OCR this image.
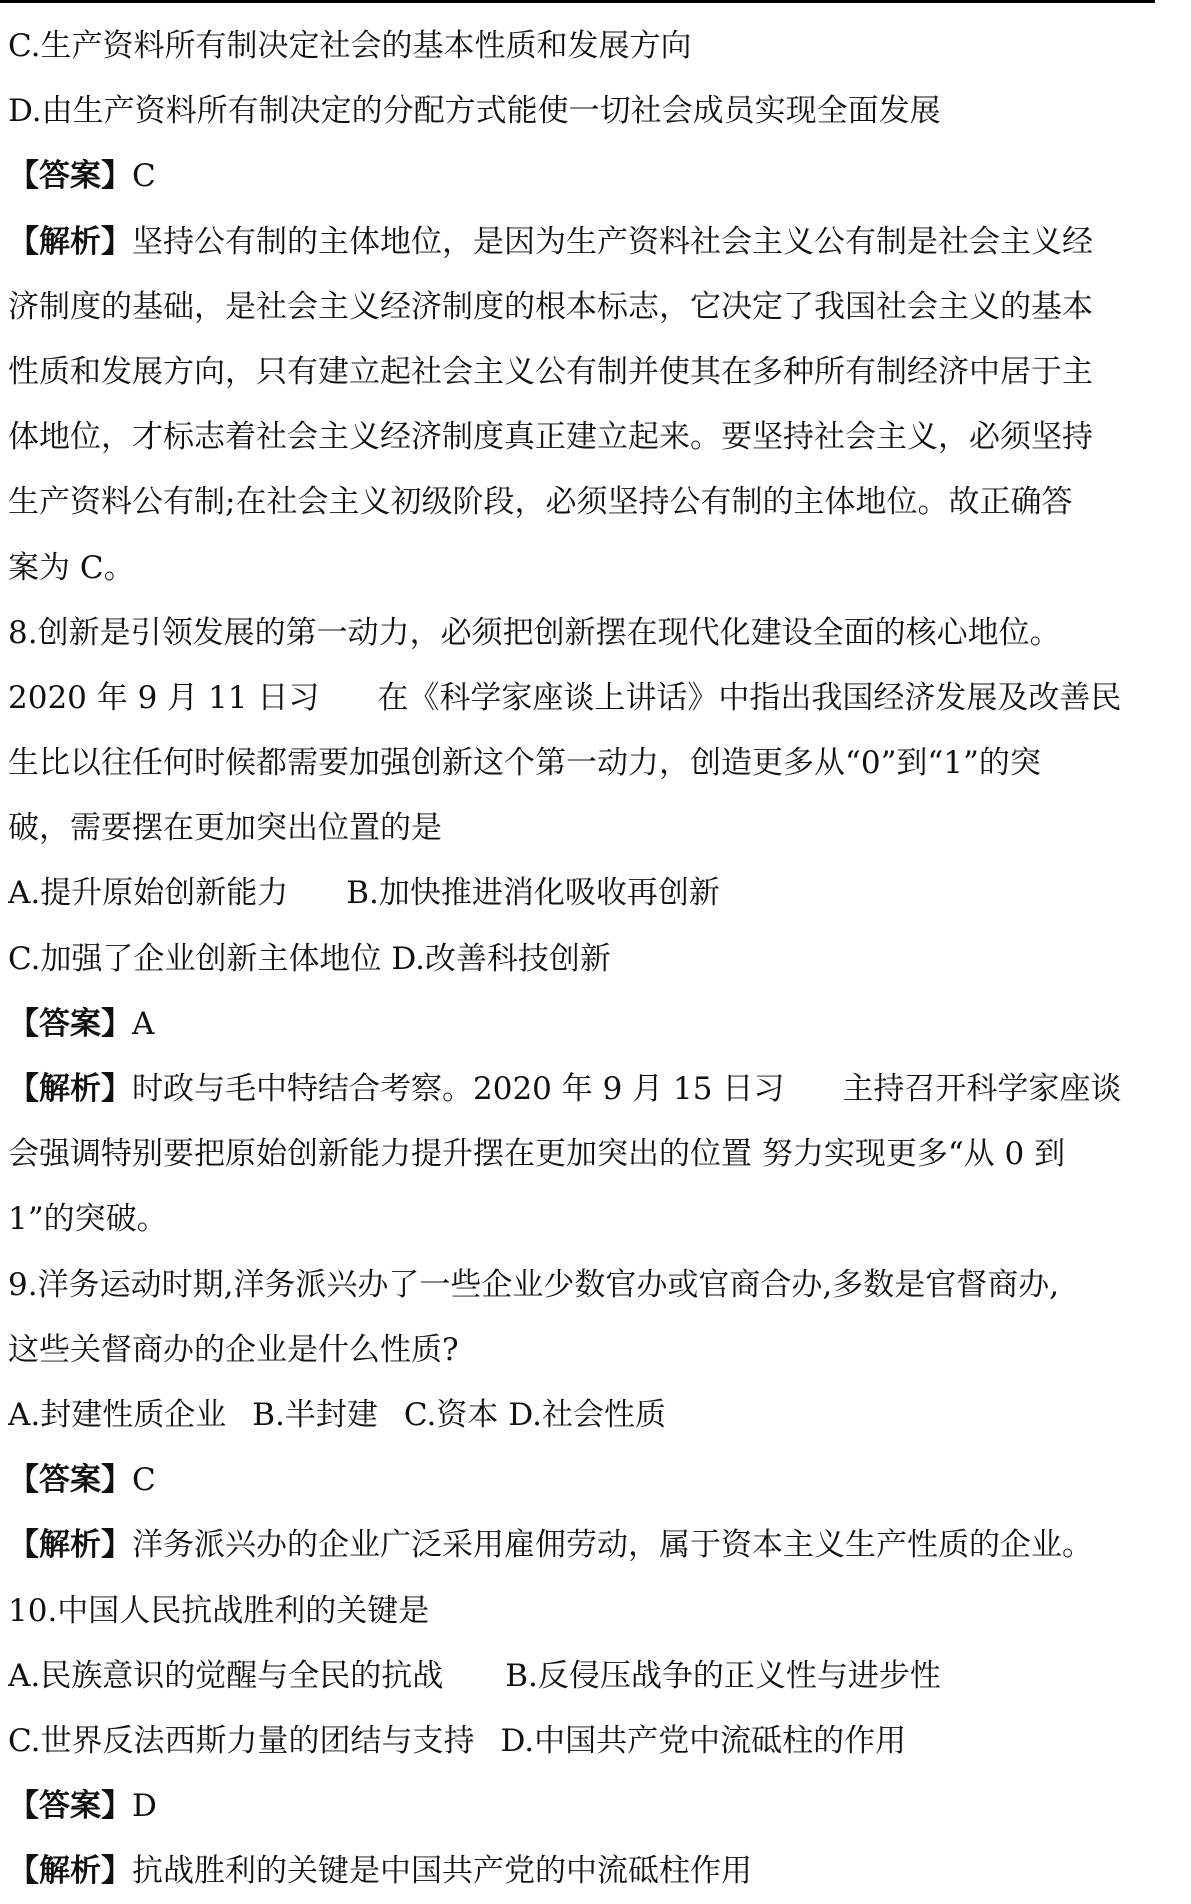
C.生产资料所有制决定社会的基本性质和发展方向
D.由生产资料所有制决定的分配方式能使一切社会成员实现全面发展
【答案】C
【解析】坚持公有制的主体地位，是因为生产资料社会主义公有制是社会主义经
济制度的基础，是社会主义经济制度的根本标志，它决定了我国社会主义的基本
性质和发展方向，只有建立起社会主义公有制并使其在多种所有制经济中居于主
体地位，才标志着社会主义经济制度真正建立起来。要坚持社会主义，必须坚持
生产资料公有制;在社会主义初级阶段，必须坚持公有制的主体地位。故正确答
案为 C。
8.创新是引领发展的第一动力，必须把创新摆在现代化建设全面的核心地位。
2020 年 9 月 11 日习 在《科学家座谈上讲话》中指出我国经济发展及改善民
生比以往任何时候都需要加强创新这个第一动力，创造更多从“0”到“1”的突
破，需要摆在更加突出位置的是
A.提升原始创新能力 B.加快推进消化吸收再创新
C.加强了企业创新主体地位 D.改善科技创新
【答案】A
【解析】时政与毛中特结合考察。2020 年 9 月 15 日习 主持召开科学家座谈
会强调特别要把原始创新能力提升摆在更加突出的位置 努力实现更多“从 0 到
1”的突破。
9.洋务运动时期,洋务派兴办了一些企业少数官办或官商合办,多数是官督商办,
这些关督商办的企业是什么性质?
A.封建性质企业 B.半封建 C.资本 D.社会性质
【答案】C
【解析】洋务派兴办的企业广泛采用雇佣劳动，属于资本主义生产性质的企业。
10.中国人民抗战胜利的关键是
A.民族意识的觉醒与全民的抗战 B.反侵压战争的正义性与进步性
C.世界反法西斯力量的团结与支持 D.中国共产党中流砥柱的作用
【答案】D
【解析】抗战胜利的关键是中国共产党的中流砥柱作用
